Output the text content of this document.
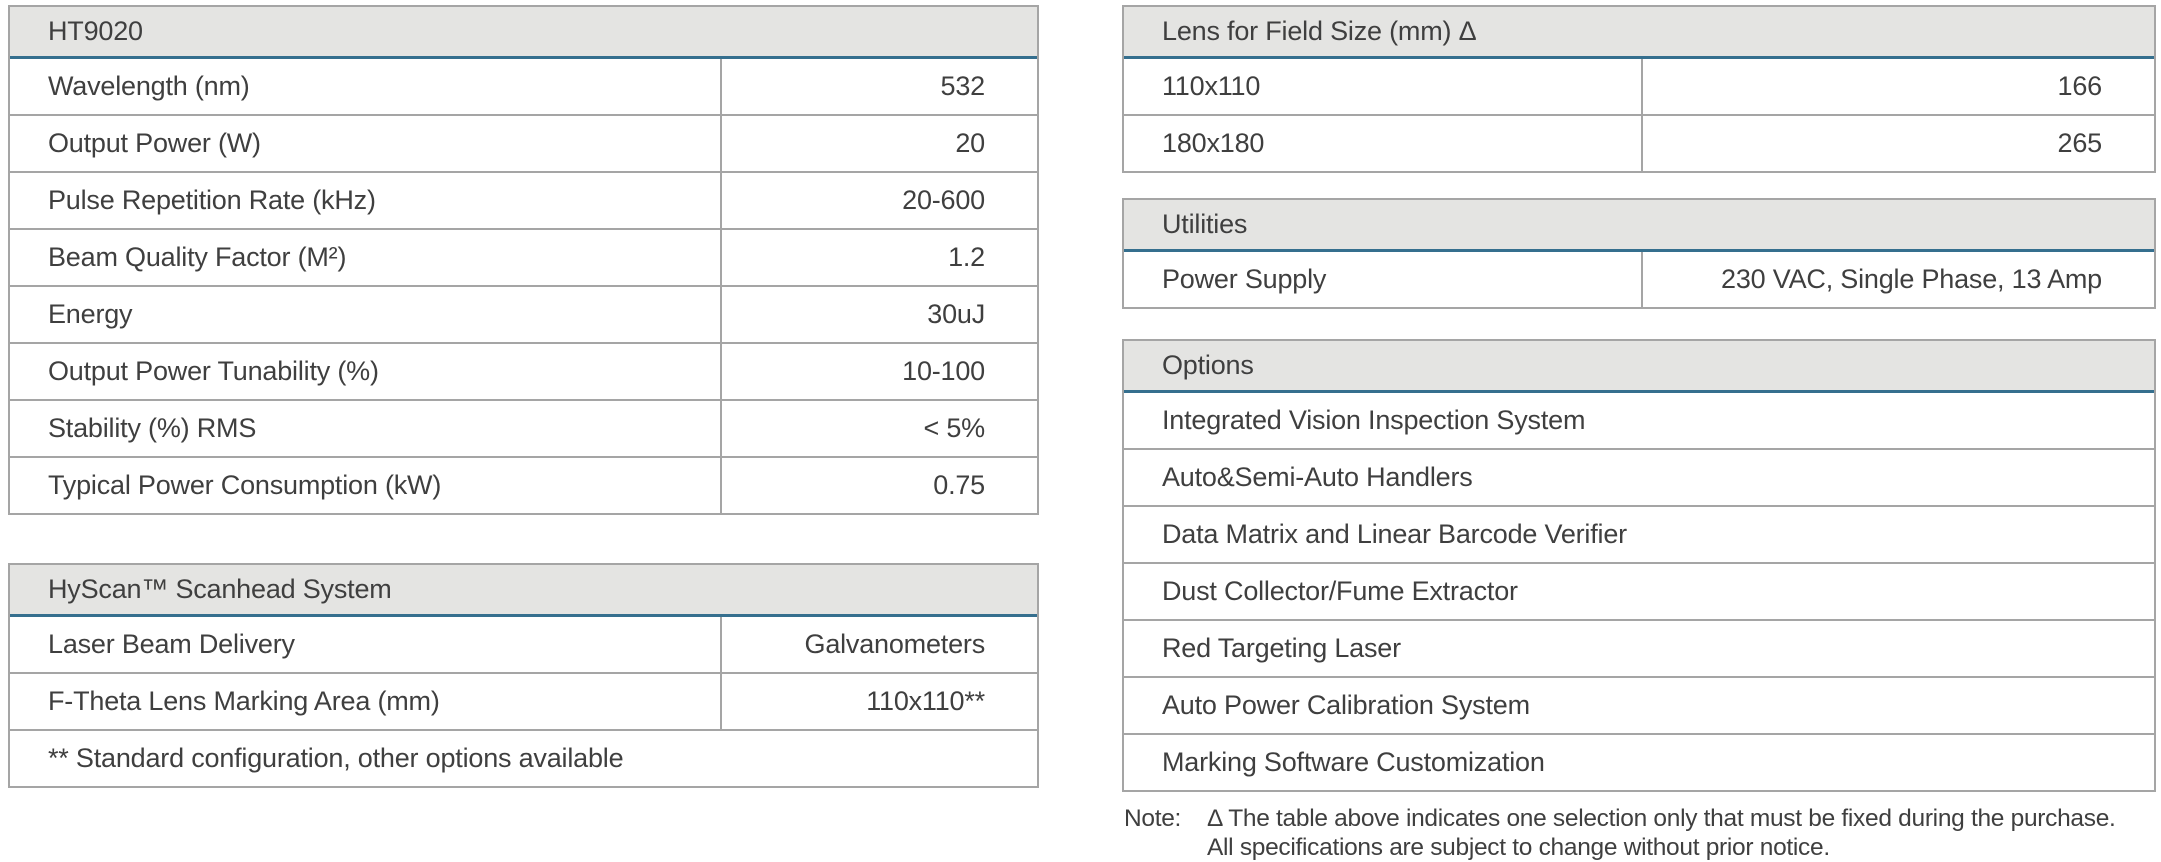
HT9020
Wavelength (nm)	532
Output Power (W)	20
Pulse Repetition Rate (kHz)	20-600
Beam Quality Factor (M²)	1.2
Energy	30uJ
Output Power Tunability (%)	10-100
Stability (%) RMS	< 5%
Typical Power Consumption (kW)	0.75
HyScan™ Scanhead System
Laser Beam Delivery	Galvanometers
F-Theta Lens Marking Area (mm)	110x110**
** Standard configuration, other options available
Lens for Field Size (mm) Δ
110x110	166
180x180	265
Utilities
Power Supply	230 VAC, Single Phase, 13 Amp
Options
Integrated Vision Inspection System
Auto&Semi-Auto Handlers
Data Matrix and Linear Barcode Verifier
Dust Collector/Fume Extractor
Red Targeting Laser
Auto Power Calibration System
Marking Software Customization
Note:	Δ The table above indicates one selection only that must be fixed during the purchase.
All specifications are subject to change without prior notice.
